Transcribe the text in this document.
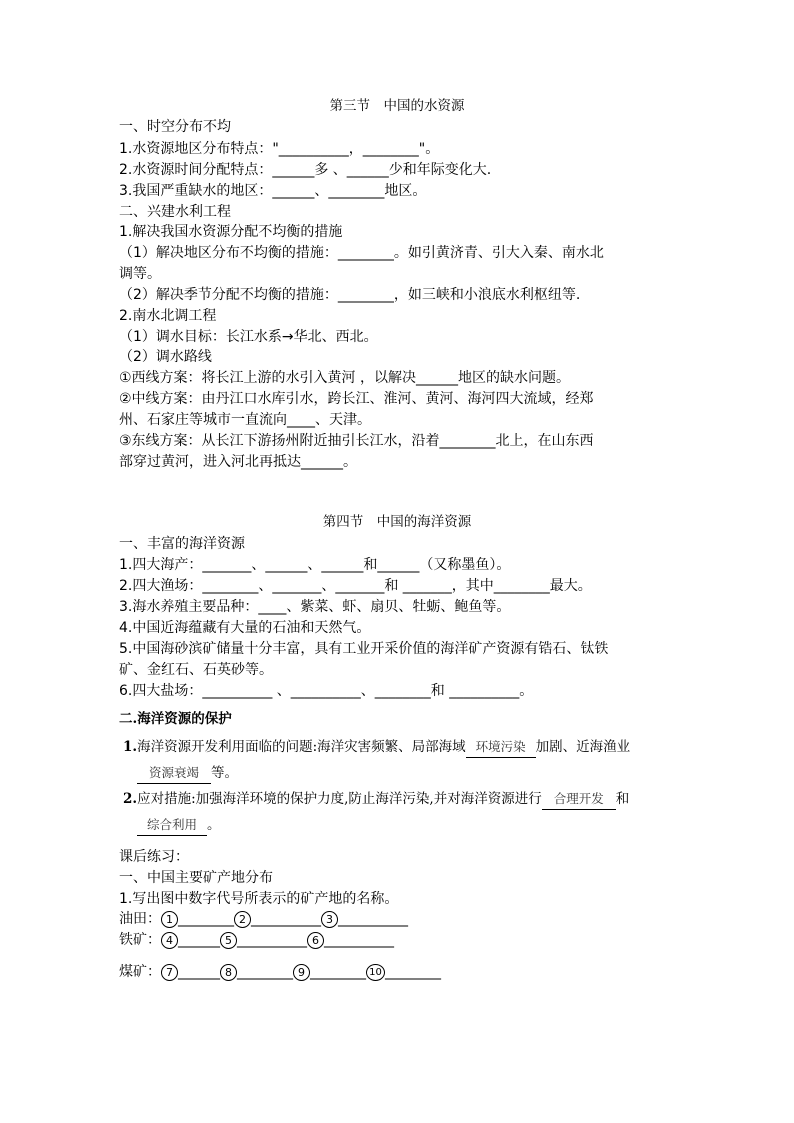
第三节　中国的水资源
一、时空分布不均
1.水资源地区分布特点："__________，________"。
2.水资源时间分配特点：______多 、______少和年际变化大.
3.我国严重缺水的地区：______、________地区。
二、兴建水利工程
1.解决我国水资源分配不均衡的措施
（1）解决地区分布不均衡的措施：________。如引黄济青、引大入秦、南水北
调等。
（2）解决季节分配不均衡的措施：________，如三峡和小浪底水利枢纽等.
2.南水北调工程
（1）调水目标：长江水系→华北、西北。
（2）调水路线
①西线方案：将长江上游的水引入黄河 ，以解决______地区的缺水问题。
②中线方案：由丹江口水库引水，跨长江、淮河、黄河、海河四大流域，经郑
州、石家庄等城市一直流向____、天津。
③东线方案：从长江下游扬州附近抽引长江水，沿着________北上，在山东西
部穿过黄河，进入河北再抵达______。
第四节　中国的海洋资源
一、丰富的海洋资源
1.四大海产：_______、______、______和______（又称墨鱼）。
2.四大渔场：________、_______、_______和 _______，其中________最大。
3.海水养殖主要品种：____、紫菜、虾、扇贝、牡蛎、鲍鱼等。
4.中国近海蕴藏有大量的石油和天然气。
5.中国海砂滨矿储量十分丰富，具有工业开采价值的海洋矿产资源有锆石、钛铁
矿、金红石、石英砂等。
6.四大盐场：__________ 、__________、________和 __________。
二.海洋资源的保护
1.海洋资源开发利用面临的问题:海洋灾害频繁、局部海域 环境污染 加剧、近海渔业
资源衰竭 等。
2.应对措施:加强海洋环境的保护力度,防止海洋污染,并对海洋资源进行 合理开发 和
综合利用 。
课后练习：
一、中国主要矿产地分布
1.写出图中数字代号所表示的矿产地的名称。
油田： 1 ________ 2 __________ 3 __________
铁矿： 4 ______ 5 __________ 6 __________
煤矿： 7 ______ 8 ________ 9 ________ 10 ________
